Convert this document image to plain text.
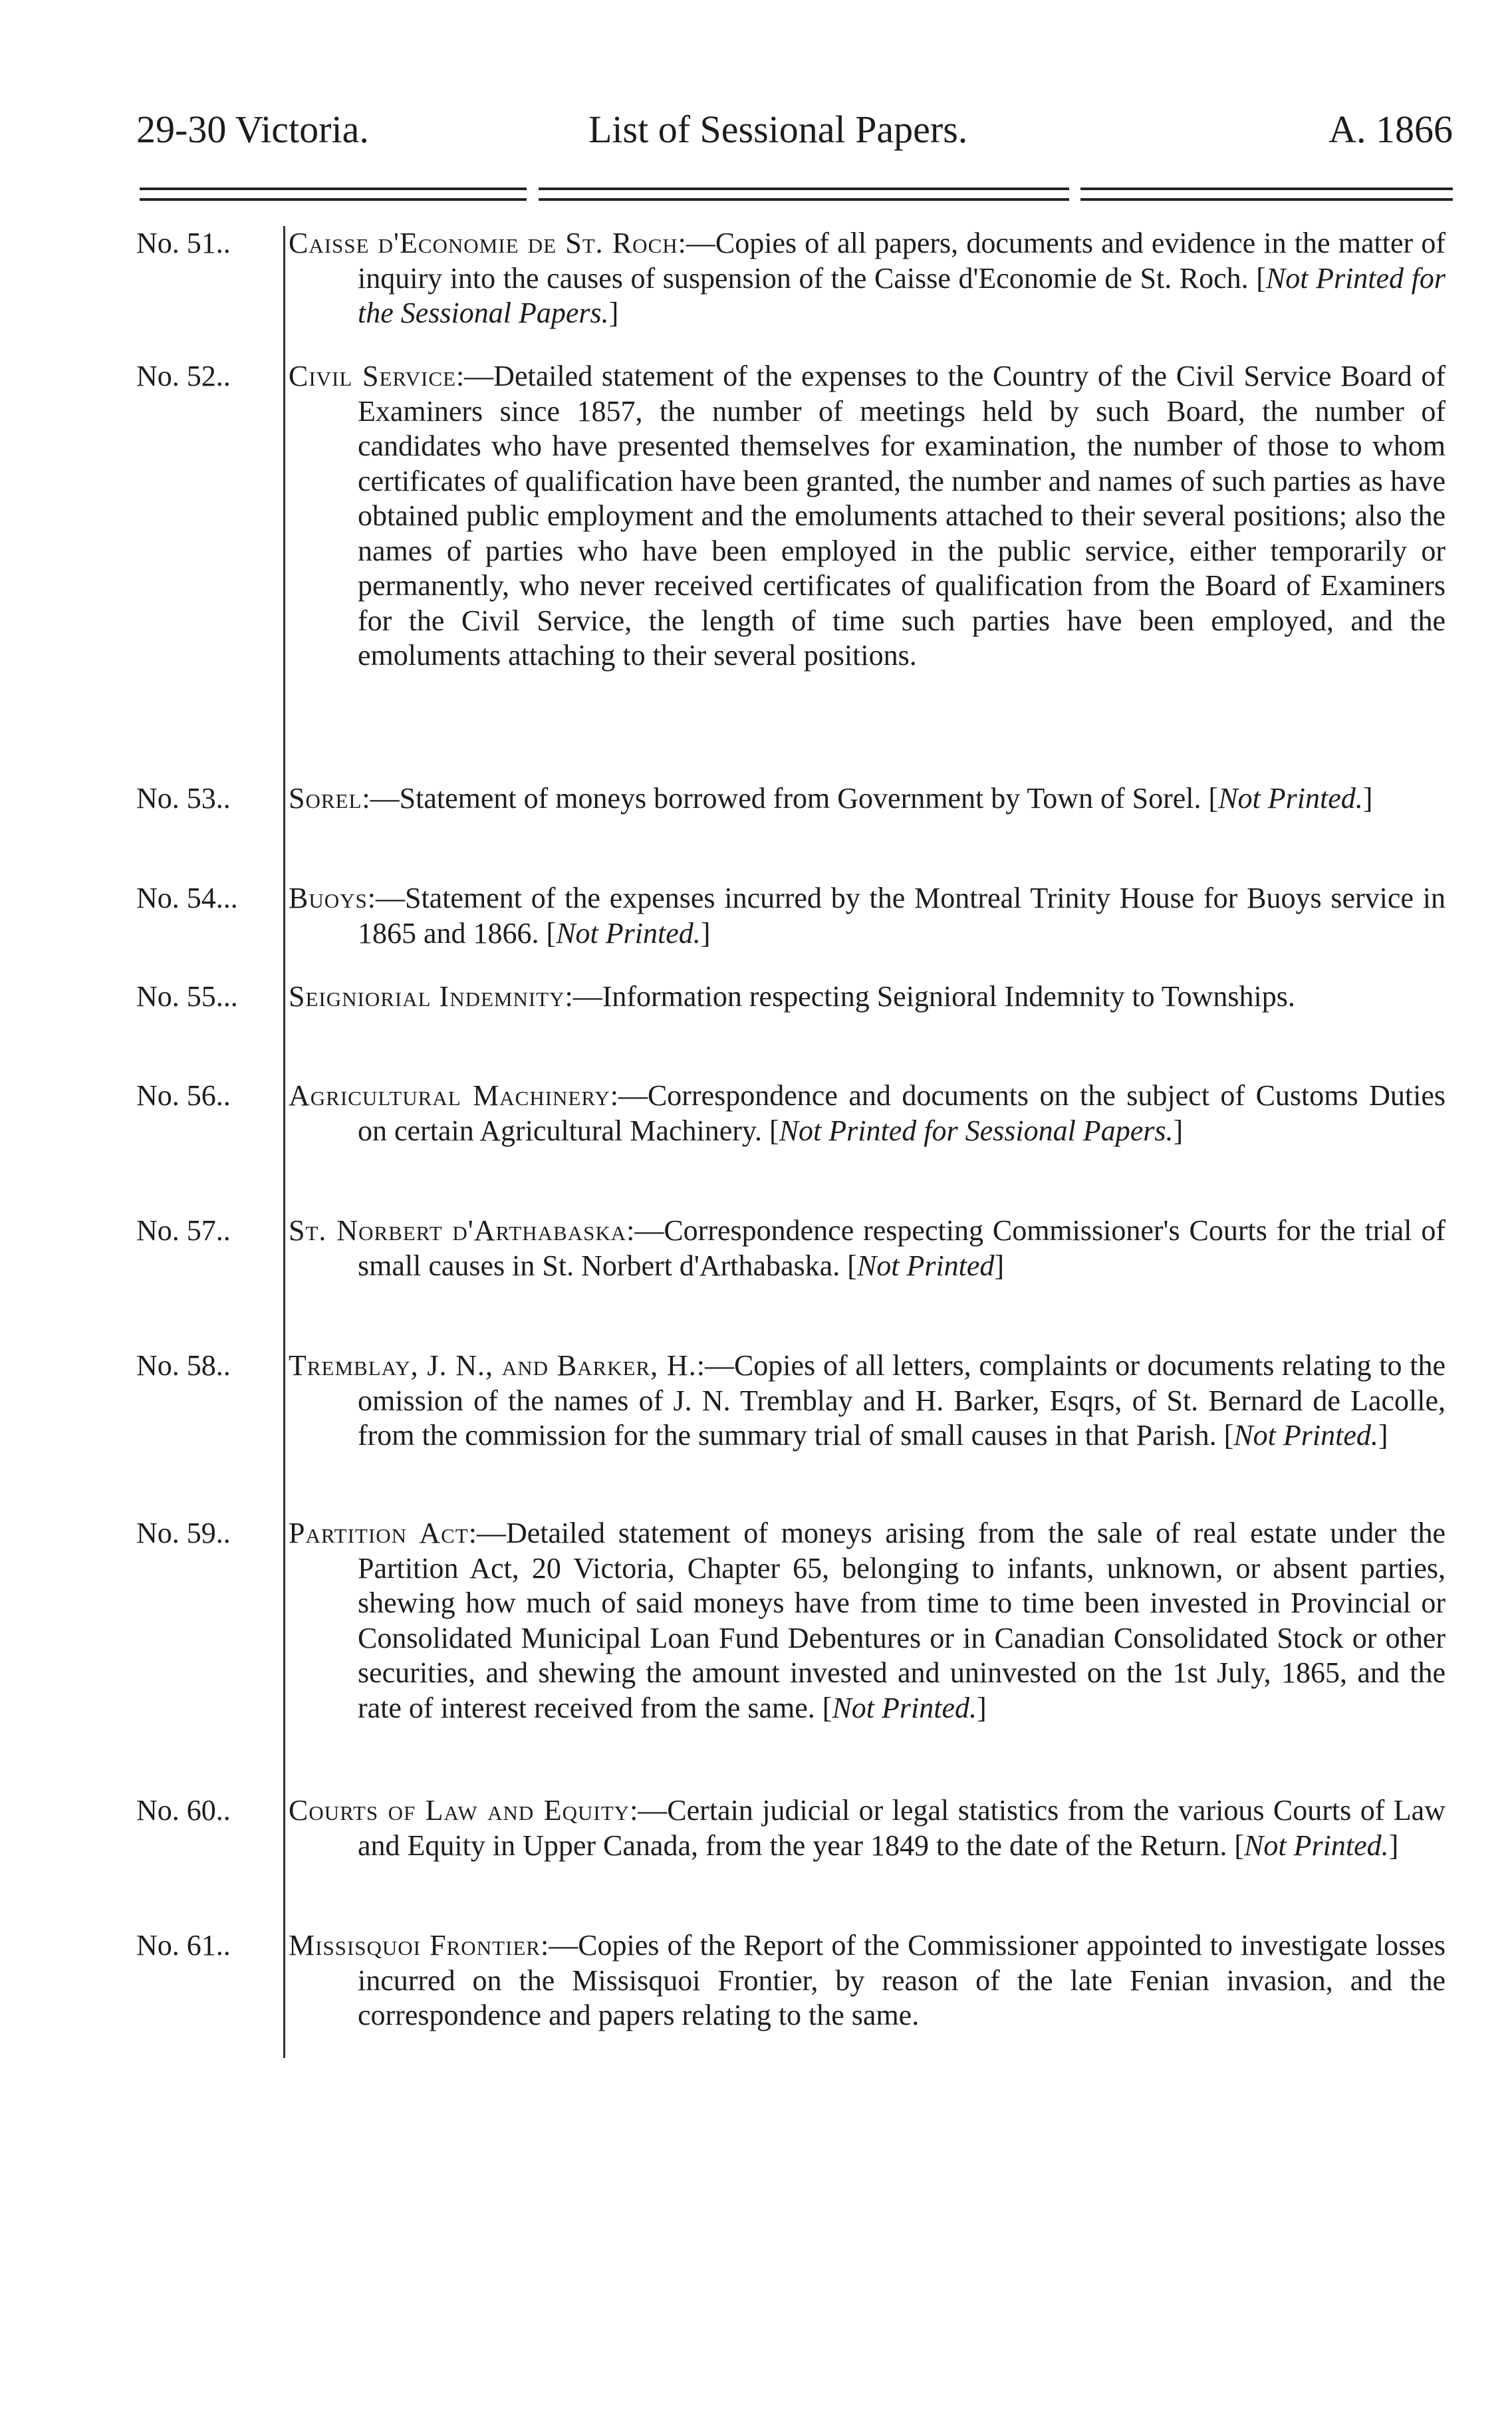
29-30 Victoria.	List of Sessional Papers.	A. 1866
No. 51.. Caisse d'Economie de St. Roch:—Copies of all papers, documents and evidence in the matter of inquiry into the causes of suspension of the Caisse d'Economie de St. Roch. [Not Printed for the Sessional Papers.]
No. 52.. Civil Service:—Detailed statement of the expenses to the Country of the Civil Service Board of Examiners since 1857, the number of meetings held by such Board, the number of candidates who have presented themselves for examination, the number of those to whom certificates of qualification have been granted, the number and names of such parties as have obtained public employment and the emoluments attached to their several positions; also the names of parties who have been employed in the public service, either temporarily or permanently, who never received certificates of qualification from the Board of Examiners for the Civil Service, the length of time such parties have been employed, and the emoluments attaching to their several positions.
No. 53.. Sorel:—Statement of moneys borrowed from Government by Town of Sorel. [Not Printed.]
No. 54... Buoys:—Statement of the expenses incurred by the Montreal Trinity House for Buoys service in 1865 and 1866. [Not Printed.]
No. 55... Seigniorial Indemnity:—Information respecting Seignioral Indemnity to Townships.
No. 56.. Agricultural Machinery:—Correspondence and documents on the subject of Customs Duties on certain Agricultural Machinery. [Not Printed for Sessional Papers.]
No. 57.. St. Norbert d'Arthabaska:—Correspondence respecting Commissioner's Courts for the trial of small causes in St. Norbert d'Arthabaska. [Not Printed]
No. 58.. Tremblay, J. N., and Barker, H.:—Copies of all letters, complaints or documents relating to the omission of the names of J. N. Tremblay and H. Barker, Esqrs, of St. Bernard de Lacolle, from the commission for the summary trial of small causes in that Parish. [Not Printed.]
No. 59.. Partition Act:—Detailed statement of moneys arising from the sale of real estate under the Partition Act, 20 Victoria, Chapter 65, belonging to infants, unknown, or absent parties, shewing how much of said moneys have from time to time been invested in Provincial or Consolidated Municipal Loan Fund Debentures or in Canadian Consolidated Stock or other securities, and shewing the amount invested and uninvested on the 1st July, 1865, and the rate of interest received from the same. [Not Printed.]
No. 60.. Courts of Law and Equity:—Certain judicial or legal statistics from the various Courts of Law and Equity in Upper Canada, from the year 1849 to the date of the Return. [Not Printed.]
No. 61.. Missisquoi Frontier:—Copies of the Report of the Commissioner appointed to investigate losses incurred on the Missisquoi Frontier, by reason of the late Fenian invasion, and the correspondence and papers relating to the same.
